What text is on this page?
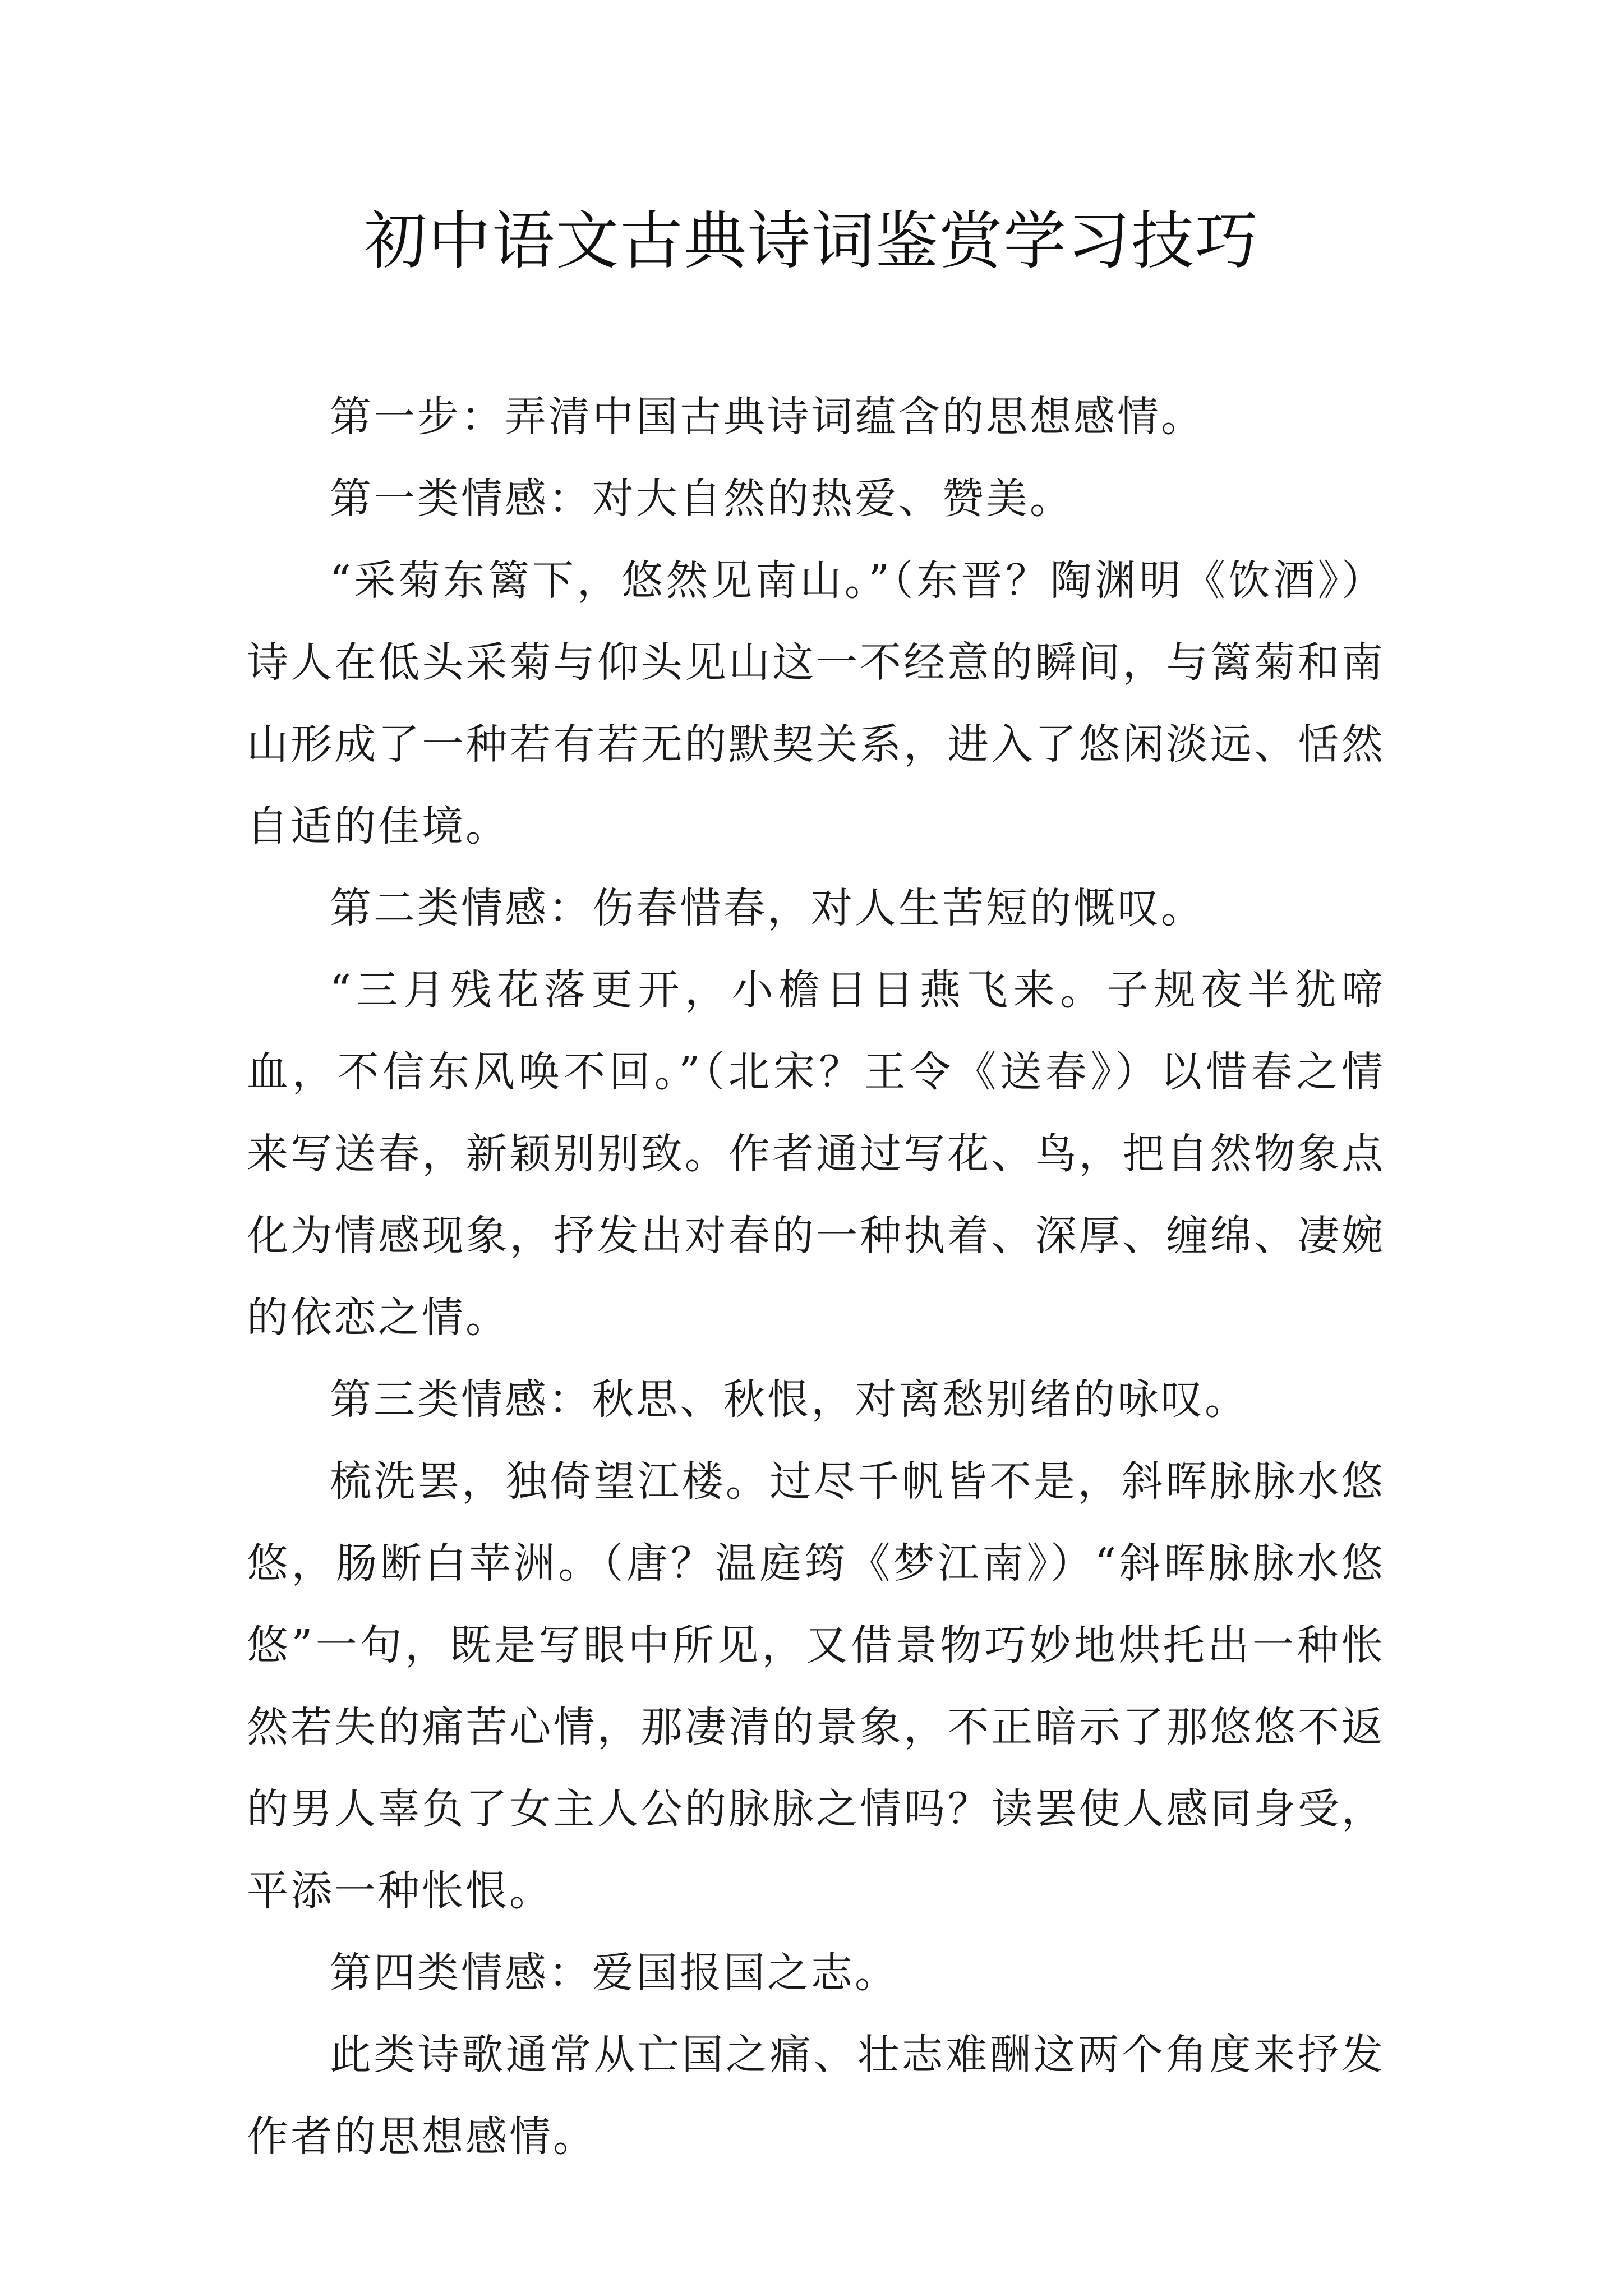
初中语文古典诗词鉴赏学习技巧

第一步：弄清中国古典诗词蕴含的思想感情。

第一类情感：对大自然的热爱、赞美。

“采菊东篱下，悠然见南山。”（东晋？陶渊明《饮酒》）诗人在低头采菊与仰头见山这一不经意的瞬间，与篱菊和南山形成了一种若有若无的默契关系，进入了悠闲淡远、恬然自适的佳境。

第二类情感：伤春惜春，对人生苦短的慨叹。

“三月残花落更开，小檐日日燕飞来。子规夜半犹啼血，不信东风唤不回。”（北宋？王令《送春》）以惜春之情来写送春，新颖别别致。作者通过写花、鸟，把自然物象点化为情感现象，抒发出对春的一种执着、深厚、缠绵、凄婉的依恋之情。

第三类情感：秋思、秋恨，对离愁别绪的咏叹。

梳洗罢，独倚望江楼。过尽千帆皆不是，斜晖脉脉水悠悠，肠断白苹洲。（唐？温庭筠《梦江南》）“斜晖脉脉水悠悠”一句，既是写眼中所见，又借景物巧妙地烘托出一种怅然若失的痛苦心情，那凄清的景象，不正暗示了那悠悠不返的男人辜负了女主人公的脉脉之情吗？读罢使人感同身受，平添一种怅恨。

第四类情感：爱国报国之志。

此类诗歌通常从亡国之痛、壮志难酬这两个角度来抒发作者的思想感情。
